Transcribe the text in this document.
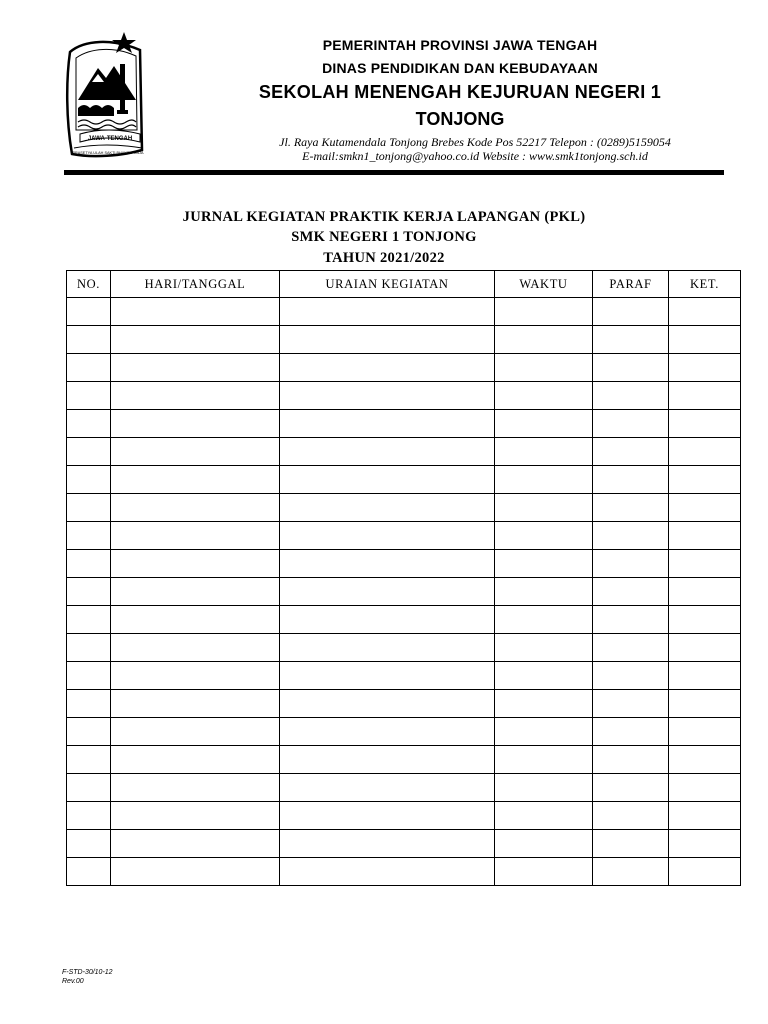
JAWA-TENGAH
PRASETYA ULAH SAKTI BHAKTI PRAJA
PEMERINTAH PROVINSI JAWA TENGAH
DINAS PENDIDIKAN DAN KEBUDAYAAN
SEKOLAH MENENGAH KEJURUAN NEGERI 1
TONJONG
Jl. Raya Kutamendala Tonjong Brebes Kode Pos 52217 Telepon : (0289)5159054
E-mail:smkn1_tonjong@yahoo.co.id Website : www.smk1tonjong.sch.id
JURNAL KEGIATAN PRAKTIK KERJA LAPANGAN (PKL)
SMK NEGERI 1 TONJONG
TAHUN 2021/2022
NO.	HARI/TANGGAL	URAIAN KEGIATAN	WAKTU	PARAF	KET.

F-STD-30/10-12
Rev.00
